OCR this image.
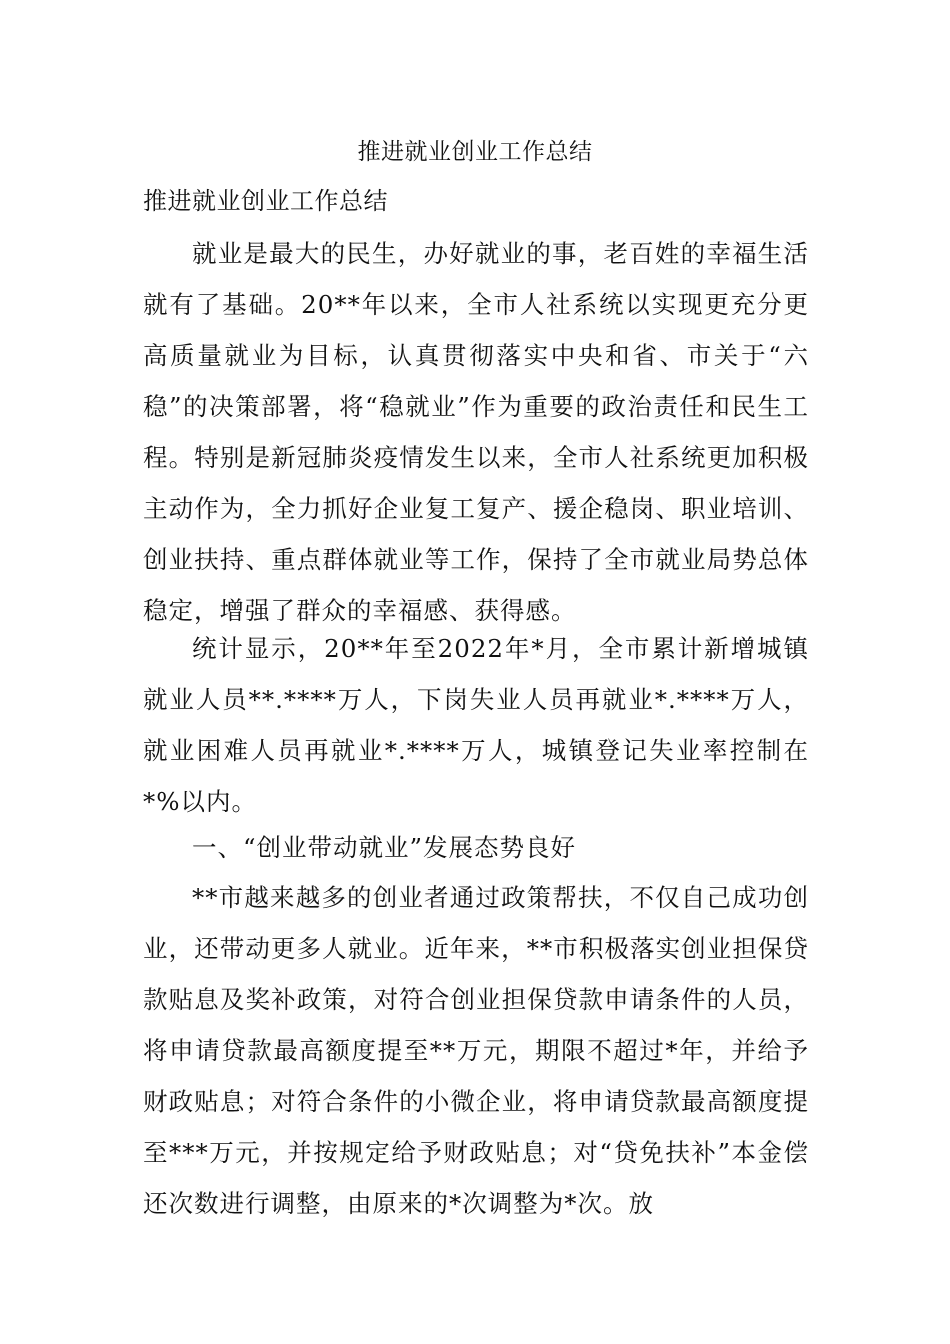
推进就业创业工作总结
推进就业创业工作总结

就业是最大的民生，办好就业的事，老百姓的幸福生活就有了基础。20**年以来，全市人社系统以实现更充分更高质量就业为目标，认真贯彻落实中央和省、市关于“六稳”的决策部署，将“稳就业”作为重要的政治责任和民生工程。特别是新冠肺炎疫情发生以来，全市人社系统更加积极主动作为，全力抓好企业复工复产、援企稳岗、职业培训、创业扶持、重点群体就业等工作，保持了全市就业局势总体稳定，增强了群众的幸福感、获得感。

统计显示，20**年至2022年*月，全市累计新增城镇就业人员**.****万人，下岗失业人员再就业*.****万人，就业困难人员再就业*.****万人，城镇登记失业率控制在*%以内。

一、“创业带动就业”发展态势良好

**市越来越多的创业者通过政策帮扶，不仅自己成功创业，还带动更多人就业。近年来，**市积极落实创业担保贷款贴息及奖补政策，对符合创业担保贷款申请条件的人员，将申请贷款最高额度提至**万元，期限不超过*年，并给予财政贴息；对符合条件的小微企业，将申请贷款最高额度提至***万元，并按规定给予财政贴息；对“贷免扶补”本金偿还次数进行调整，由原来的*次调整为*次。放
